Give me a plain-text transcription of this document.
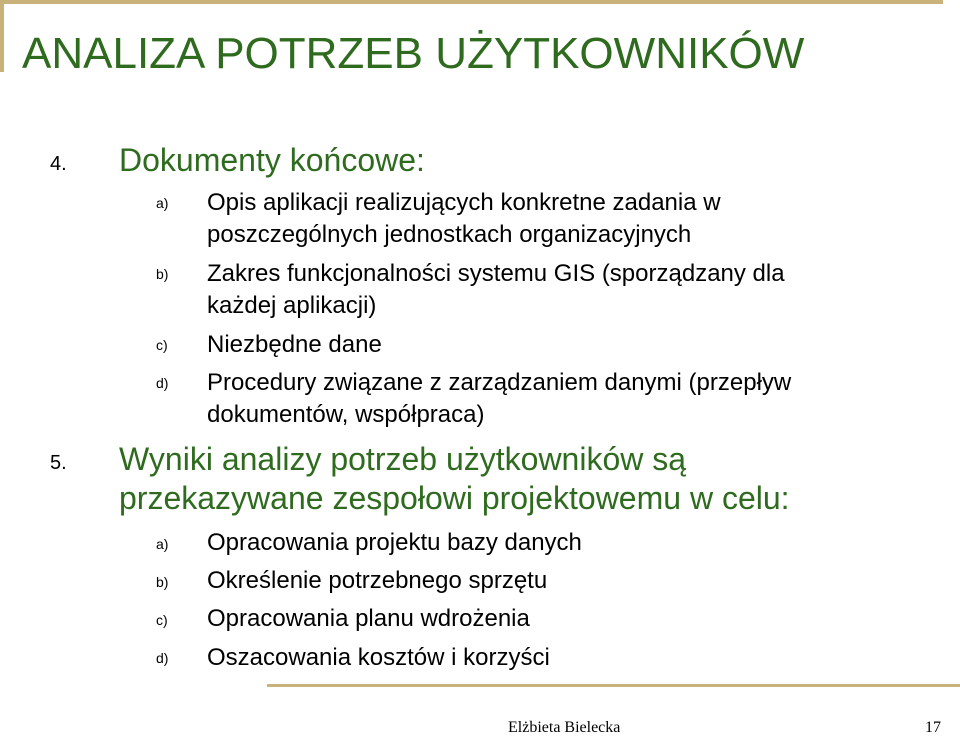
ANALIZA POTRZEB UŻYTKOWNIKÓW
4. Dokumenty końcowe:
a) Opis aplikacji realizujących konkretne zadania w
poszczególnych jednostkach organizacyjnych
b) Zakres funkcjonalności systemu GIS (sporządzany dla
każdej aplikacji)
c) Niezbędne dane
d) Procedury związane z zarządzaniem danymi (przepływ
dokumentów, współpraca)
5. Wyniki analizy potrzeb użytkowników są
przekazywane zespołowi projektowemu w celu:
a) Opracowania projektu bazy danych
b) Określenie potrzebnego sprzętu
c) Opracowania planu wdrożenia
d) Oszacowania kosztów i korzyści
Elżbieta Bielecka	17
